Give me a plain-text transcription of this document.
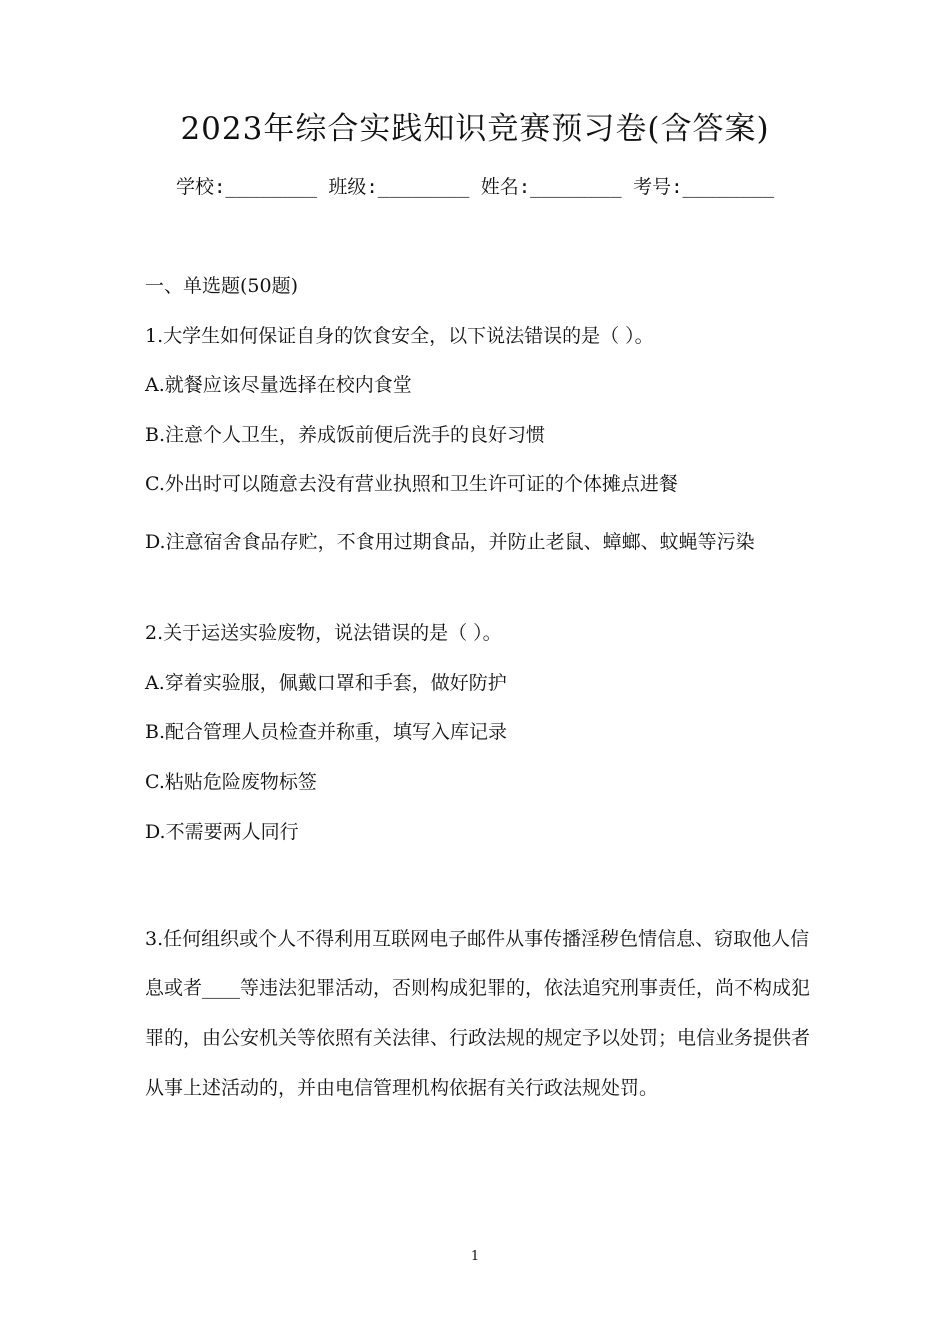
2023年综合实践知识竞赛预习卷(含答案)
学校:________ 班级:________ 姓名:________ 考号:________
一、单选题(50题)
1.大学生如何保证自身的饮食安全，以下说法错误的是（ ）。
A.就餐应该尽量选择在校内食堂
B.注意个人卫生，养成饭前便后洗手的良好习惯
C.外出时可以随意去没有营业执照和卫生许可证的个体摊点进餐
D.注意宿舍食品存贮，不食用过期食品，并防止老鼠、蟑螂、蚊蝇等污染
2.关于运送实验废物，说法错误的是（ ）。
A.穿着实验服，佩戴口罩和手套，做好防护
B.配合管理人员检查并称重，填写入库记录
C.粘贴危险废物标签
D.不需要两人同行
3.任何组织或个人不得利用互联网电子邮件从事传播淫秽色情信息、窃取他人信息或者____等违法犯罪活动，否则构成犯罪的，依法追究刑事责任，尚不构成犯罪的，由公安机关等依照有关法律、行政法规的规定予以处罚；电信业务提供者从事上述活动的，并由电信管理机构依据有关行政法规处罚。
1
